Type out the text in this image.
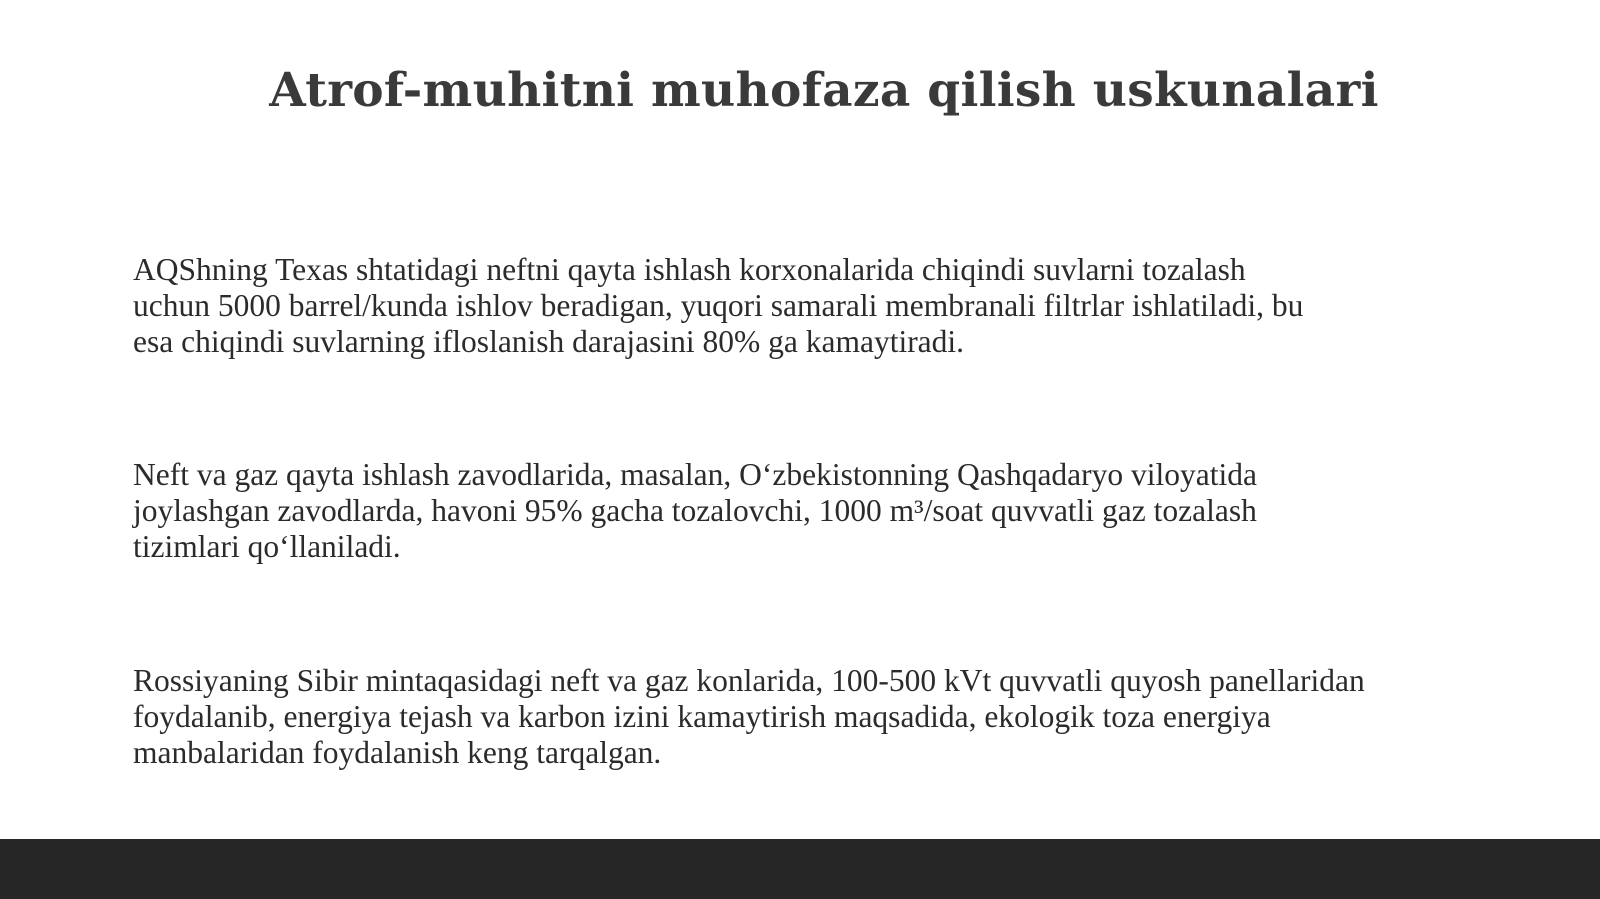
Atrof-muhitni muhofaza qilish uskunalari

AQShning Texas shtatidagi neftni qayta ishlash korxonalarida chiqindi suvlarni tozalash
uchun 5000 barrel/kunda ishlov beradigan, yuqori samarali membranali filtrlar ishlatiladi, bu
esa chiqindi suvlarning ifloslanish darajasini 80% ga kamaytiradi.

Neft va gaz qayta ishlash zavodlarida, masalan, O‘zbekistonning Qashqadaryo viloyatida
joylashgan zavodlarda, havoni 95% gacha tozalovchi, 1000 m³/soat quvvatli gaz tozalash
tizimlari qo‘llaniladi.

Rossiyaning Sibir mintaqasidagi neft va gaz konlarida, 100-500 kVt quvvatli quyosh panellaridan
foydalanib, energiya tejash va karbon izini kamaytirish maqsadida, ekologik toza energiya
manbalaridan foydalanish keng tarqalgan.
